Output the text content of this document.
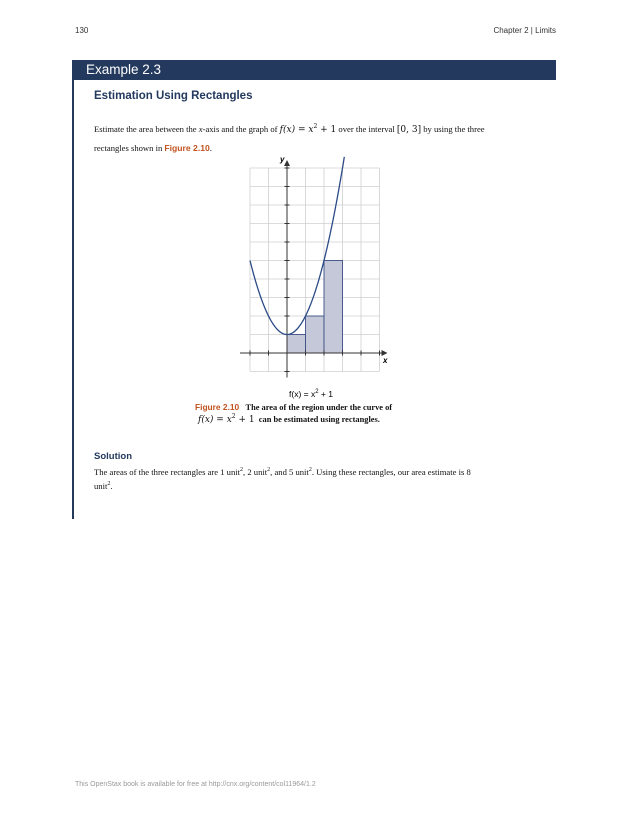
130	Chapter 2 | Limits
Example 2.3
Estimation Using Rectangles
Estimate the area between the x-axis and the graph of $f(x) = x^2 + 1$ over the interval [0, 3] by using the three
rectangles shown in Figure 2.10.
y
x
$f(x) = x^2 + 1$
Figure 2.10 The area of the region under the curve of
$f(x) = x^2 + 1$ can be estimated using rectangles.
Solution
The areas of the three rectangles are 1 unit$^2$, 2 unit$^2$, and 5 unit$^2$. Using these rectangles, our area estimate is 8
unit$^2$.
This OpenStax book is available for free at http://cnx.org/content/col11964/1.2
